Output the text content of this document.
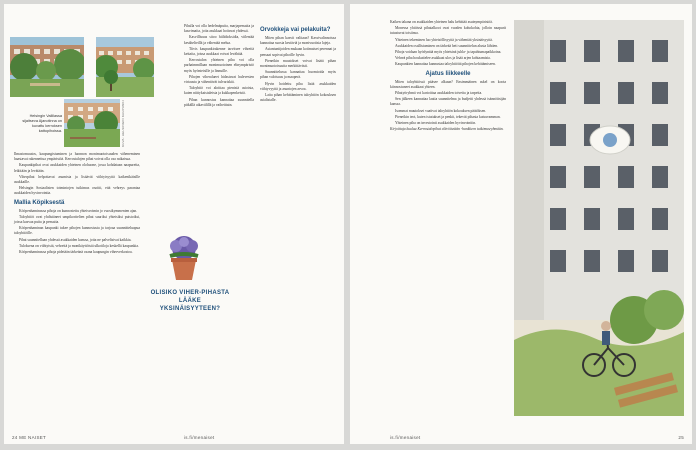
KUVA: HELSINGIN KAUPUNKI
Helsingin Vallilassa sijaitseva Ajanotinna on kuvattu kerroksen kattopihoissa.

Ilmastomuutos, kaupungistuminen ja luonnon monimuotoisuuden väheneminen haastavat rakennettua ympäristöä. Kerrostalojen pihat voivat olla osa ratkaisua.

Kaupunkipihat ovat asukkaiden yhteinen olohuone, jossa kohdataan naapureita, leikitään ja levätään.

Viherpihat helpottavat asumista ja lisäävät viihtyisyyttä kaikenikäisille asukkaille.

Helsingin Sosiaalisten toimintojen tutkimus osoitti, että vehreys parantaa asukkaiden hyvinvointia.

Mallia Köpiksestä

Kööpenhaminassa pihoja on kunnostettu yhteisvoimin jo vuosikymmenten ajan.

Taloyhtiöt ovat yhdistäneet umpikorttelien pihat suuriksi yhteisiksi puistoiksi, joissa kasvaa puita ja pensaita.

Kööpenhaminan kaupunki tukee pihojen kunnostusta ja tarjoaa suunnitteluapua taloyhtiöille.

Pihat suunnitellaan yhdessä asukkaiden kanssa, jotta ne palvelisivat kaikkia.

Tuloksena on viihtyisiä, vehreitä ja monikäyttöisiä ulkotiloja keskellä kaupunkia.

Kööpenhaminassa pihoja pidetään tärkeänä osana kaupungin viherverkostoa.

Pihalla voi olla hedelmäpuita, marjapensaita ja kasvimaita, joita asukkaat hoitavat yhdessä.

Kasvillisuus sitoo hiilidioksidia, viilentää kesähelteillä ja vähentää melua.

Tiivis kaupunkirakenne tarvitsee vihreitä keitaita, joissa asukkaat voivat levähtää.

Kerrostalon yhteinen piha voi olla parhaimmillaan monimuotoinen elinympäristö myös hyönteisille ja linnuille.

Pihojen viheralueet hidastavat hulevesien virtausta ja vähentävät tulvariskiä.

Taloyhtiö voi aloittaa pienistä asioista, kuten niittykaistaleista ja kukkapenkeistä.

Pihan kunnostus kannattaa suunnitella pitkällä aikavälillä ja vaiheittain.

Orvokkeja vai pelakuita?

Miten pihan kasvit valitaan? Kasvivalinnoissa kannattaa suosia kestäviä ja monivuotisia lajeja.

Asiantuntijoiden mukaan kotimaiset perennat ja pensaat sopivat pihoille hyvin.

Pienetkin muutokset voivat lisätä pihan monimuotoisuutta merkittävästi.

Suunnittelussa kannattaa huomioida myös pihan valoisuus ja maaperä.

Hyvin hoidettu piha lisää asukkaiden viihtyvyyttä ja asuntojen arvoa.

Laita pihan kehittäminen taloyhtiön kokouksen asialistalle.

OLISIKO VIHER-PIHASTA LÄÄKE YKSINÄISYYTEEN?
24 ME NAISET	is.fi/menaiset

Kaiken takana on asukkaiden yhteinen halu kehittää asuinympäristöä.

Monessa yhtiössä pihatalkoot ovat vuoden kohokohta, jolloin naapurit tutustuvat toisiinsa.

Yhteinen tekeminen luo yhteisöllisyyttä ja vähentää yksinäisyyttä.

Asukkaiden osallistaminen on tärkeää heti suunnittelun alusta lähtien.

Pihoja voidaan hyödyntää myös yhteisinä juhla- ja tapahtumapaikkoina.

Vehreä piha houkuttelee asukkaat ulos ja lisää arjen kohtaamisia.

Kaupunkien kannattaa kannustaa taloyhtiöitä pihojen kehittämiseen.

Ajatus liikkeelle

Miten taloyhtiössä pääsee alkuun? Ensimmäinen askel on koota kiinnostuneet asukkaat yhteen.

Pihatyöryhmä voi kartoittaa asukkaiden toiveita ja tarpeita.

Sen jälkeen kannattaa laatia suunnitelma ja budjetti yhdessä isännöitsijän kanssa.

Isommat muutokset vaativat taloyhtiön kokouksen päätöksen.

Pienetkin teot, kuten istutukset ja penkit, tekevät pihasta kutsuvamman.

Yhteinen piha on investointi asukkaiden hyvinvointiin.

Kirjoittaja kuuluu Kerrostalopihat elävöitetään -hankkeen tutkimusryhmään.

is.fi/menaiset	25
